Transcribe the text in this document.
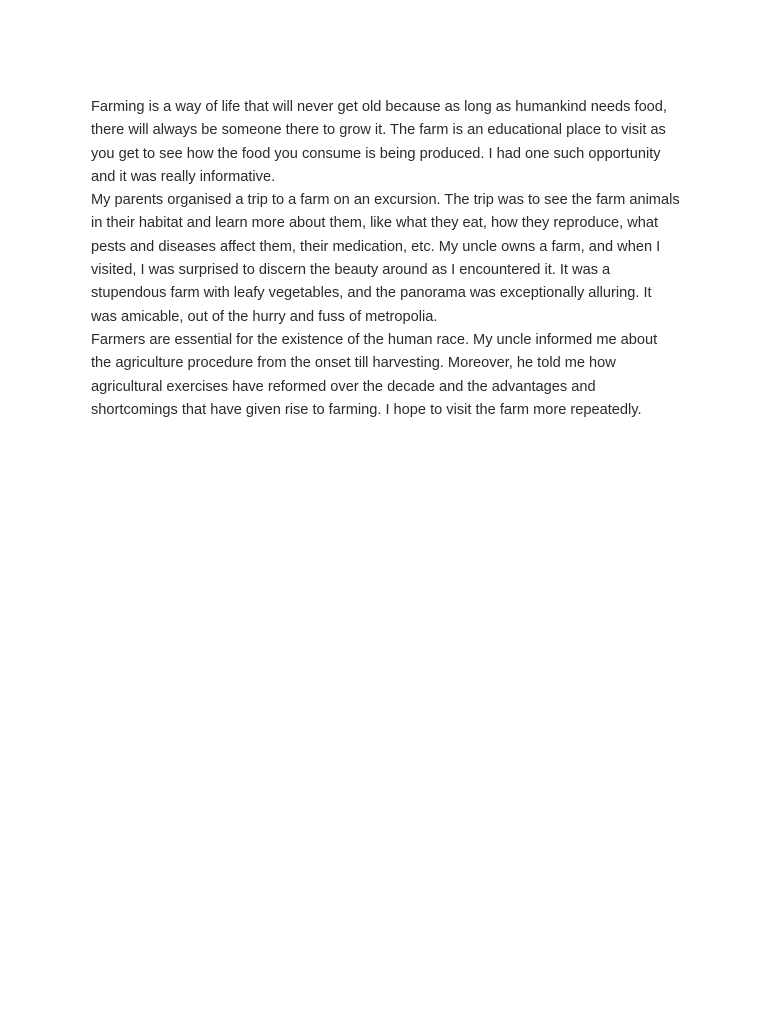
Farming is a way of life that will never get old because as long as humankind needs food, there will always be someone there to grow it. The farm is an educational place to visit as you get to see how the food you consume is being produced. I had one such opportunity and it was really informative.

My parents organised a trip to a farm on an excursion. The trip was to see the farm animals in their habitat and learn more about them, like what they eat, how they reproduce, what pests and diseases affect them, their medication, etc. My uncle owns a farm, and when I visited, I was surprised to discern the beauty around as I encountered it. It was a stupendous farm with leafy vegetables, and the panorama was exceptionally alluring. It was amicable, out of the hurry and fuss of metropolia.

Farmers are essential for the existence of the human race. My uncle informed me about the agriculture procedure from the onset till harvesting. Moreover, he told me how agricultural exercises have reformed over the decade and the advantages and shortcomings that have given rise to farming. I hope to visit the farm more repeatedly.
